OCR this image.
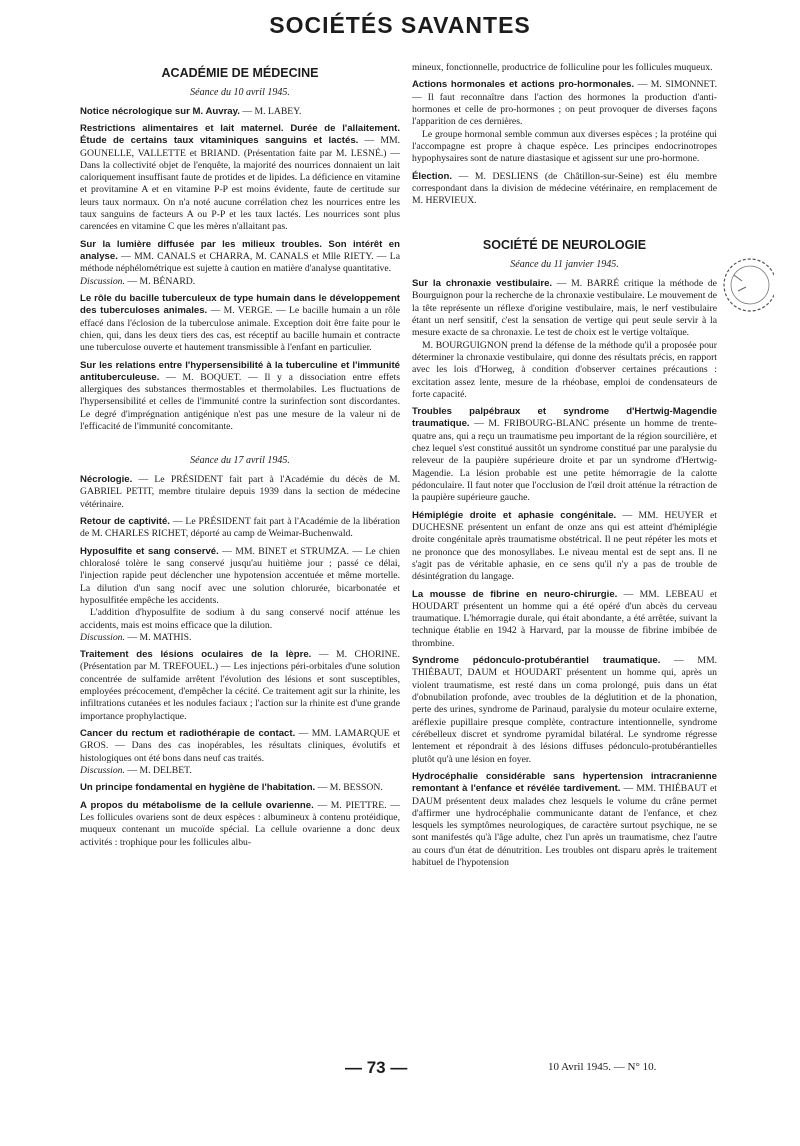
SOCIÉTÉS SAVANTES
ACADÉMIE DE MÉDECINE
Séance du 10 avril 1945.
Notice nécrologique sur M. Auvray. — M. LABEY.
Restrictions alimentaires et lait maternel. Durée de l'allaitement. Étude de certains taux vitaminiques sanguins et lactés. — MM. GOUNELLE, VALLETTE et BRIAND. (Présentation faite par M. LESNÉ.) — Dans la collectivité objet de l'enquête, la majorité des nourrices donnaient un lait caloriquement insuffisant faute de protides et de lipides. La déficience en vitamine et provitamine A et en vitamine P-P est moins évidente, faute de certitude sur leurs taux normaux. On n'a noté aucune corrélation chez les nourrices entre les taux sanguins de facteurs A ou P-P et les taux lactés. Les nourrices sont plus carencées en vitamine C que les mères n'allaitant pas.
Sur la lumière diffusée par les milieux troubles. Son intérêt en analyse. — MM. CANALS et CHARRA, M. CANALS et Mlle RIETY. — La méthode néphélométrique est sujette à caution en matière d'analyse quantitative.
Discussion. — M. BÉNARD.
Le rôle du bacille tuberculeux de type humain dans le développement des tuberculoses animales. — M. VERGE. — Le bacille humain a un rôle effacé dans l'éclosion de la tuberculose animale. Exception doit être faite pour le chien, qui, dans les deux tiers des cas, est réceptif au bacille humain et contracte une tuberculose ouverte et hautement transmissible à l'enfant en particulier.
Sur les relations entre l'hypersensibilité à la tuberculine et l'immunité antituberculeuse. — M. BOQUET. — Il y a dissociation entre effets allergiques des substances thermostables et thermolabiles. Les fluctuations de l'hypersensibilité et celles de l'immunité contre la surinfection sont discordantes. Le degré d'imprégnation antigénique n'est pas une mesure de la valeur ni de l'efficacité de l'immunité concomitante.
Séance du 17 avril 1945.
Nécrologie. — Le PRÉSIDENT fait part à l'Académie du décès de M. GABRIEL PETIT, membre titulaire depuis 1939 dans la section de médecine vétérinaire.
Retour de captivité. — Le PRÉSIDENT fait part à l'Académie de la libération de M. CHARLES RICHET, déporté au camp de Weimar-Buchenwald.
Hyposulfite et sang conservé. — MM. BINET et STRUMZA. — Le chien chloralosé tolère le sang conservé jusqu'au huitième jour ; passé ce délai, l'injection rapide peut déclencher une hypotension accentuée et même mortelle. La dilution d'un sang nocif avec une solution chlorurée, bicarbonatée et hyposulfitée empêche les accidents.

L'addition d'hyposulfite de sodium à du sang conservé nocif atténue les accidents, mais est moins efficace que la dilution.

Discussion. — M. MATHIS.
Traitement des lésions oculaires de la lèpre. — M. CHORINE. (Présentation par M. TREFOUEL.) — Les injections péri-orbitales d'une solution concentrée de sulfamide arrêtent l'évolution des lésions et sont susceptibles, employées précocement, d'empêcher la cécité. Ce traitement agit sur la rhinite, les infiltrations cutanées et les nodules faciaux ; l'action sur la rhinite est d'une grande importance prophylactique.
Cancer du rectum et radiothérapie de contact. — MM. LAMARQUE et GROS. — Dans des cas inopérables, les résultats cliniques, évolutifs et histologiques ont été bons dans neuf cas traités.
Discussion. — M. DELBET.
Un principe fondamental en hygiène de l'habitation. — M. BESSON.
A propos du métabolisme de la cellule ovarienne. — M. PIETTRE. — Les follicules ovariens sont de deux espèces : albumineux à contenu protéidique, muqueux contenant un mucoïde spécial. La cellule ovarienne a donc deux activités : trophique pour les follicules albu-
mineux, fonctionnelle, productrice de folliculine pour les follicules muqueux.
Actions hormonales et actions pro-hormonales. — M. SIMONNET. — Il faut reconnaître dans l'action des hormones la production d'anti-hormones et celle de pro-hormones ; on peut provoquer de diverses façons l'apparition de ces dernières.

Le groupe hormonal semble commun aux diverses espèces ; la protéine qui l'accompagne est propre à chaque espèce. Les principes endocrinotropes hypophysaires sont de nature diastasique et agissent sur une pro-hormone.

Élection. — M. DESLIENS (de Châtillon-sur-Seine) est élu membre correspondant dans la division de médecine vétérinaire, en remplacement de M. HERVIEUX.
SOCIÉTÉ DE NEUROLOGIE
Séance du 11 janvier 1945.
Sur la chronaxie vestibulaire. — M. BARRÉ critique la méthode de Bourguignon pour la recherche de la chronaxie vestibulaire. Le mouvement de la tête représente un réflexe d'origine vestibulaire, mais, le nerf vestibulaire étant un nerf sensitif, c'est la sensation de vertige qui peut seule servir à la mesure exacte de sa chronaxie. Le test de choix est le vertige voltaïque.

M. BOURGUIGNON prend la défense de la méthode qu'il a proposée pour déterminer la chronaxie vestibulaire, qui donne des résultats précis, en rapport avec les lois d'Horweg, à condition d'observer certaines précautions : excitation assez lente, mesure de la rhéobase, emploi de condensateurs de forte capacité.

Troubles palpébraux et syndrome d'Hertwig-Magendie traumatique. — M. FRIBOURG-BLANC présente un homme de trente-quatre ans, qui a reçu un traumatisme peu important de la région sourcilière, et chez lequel s'est constitué aussitôt un syndrome constitué par une paralysie du releveur de la paupière supérieure droite et par un syndrome d'Hertwig-Magendie. La lésion probable est une petite hémorragie de la calotte pédonculaire. Il faut noter que l'occlusion de l'œil droit atténue la rétraction de la paupière supérieure gauche.
Hémiplégie droite et aphasie congénitale. — MM. HEUYER et DUCHESNE présentent un enfant de onze ans qui est atteint d'hémiplégie droite congénitale après traumatisme obstétrical. Il ne peut répéter les mots et ne prononce que des monosyllabes. Le niveau mental est de sept ans. Il ne s'agit pas de véritable aphasie, en ce sens qu'il n'y a pas de trouble de désintégration du langage.
La mousse de fibrine en neuro-chirurgie. — MM. LEBEAU et HOUDART présentent un homme qui a été opéré d'un abcès du cerveau traumatique. L'hémorragie durale, qui était abondante, a été arrêtée, suivant la technique établie en 1942 à Harvard, par la mousse de fibrine imbibée de thrombine.
Syndrome pédonculo-protubérantiel traumatique. — MM. THIÉBAUT, DAUM et HOUDART présentent un homme qui, après un violent traumatisme, est resté dans un coma prolongé, puis dans un état d'obnubilation profonde, avec troubles de la déglutition et de la phonation, perte des urines, syndrome de Parinaud, paralysie du moteur oculaire externe, aréflexie pupillaire presque complète, contracture intentionnelle, syndrome cérébelleux discret et syndrome pyramidal bilatéral. Le syndrome régresse lentement et répondrait à des lésions diffuses pédonculo-protubérantielles plutôt qu'à une lésion en foyer.
Hydrocéphalie considérable sans hypertension intracranienne remontant à l'enfance et révélée tardivement. — MM. THIÉBAUT et DAUM présentent deux malades chez lesquels le volume du crâne permet d'affirmer une hydrocéphalie communicante datant de l'enfance, et chez lesquels les symptômes neurologiques, de caractère surtout psychique, ne se sont manifestés qu'à l'âge adulte, chez l'un après un traumatisme, chez l'autre au cours d'un état de dénutrition. Les troubles ont disparu après le traitement habituel de l'hypotension
— 73 —	10 Avril 1945. — N° 10.
